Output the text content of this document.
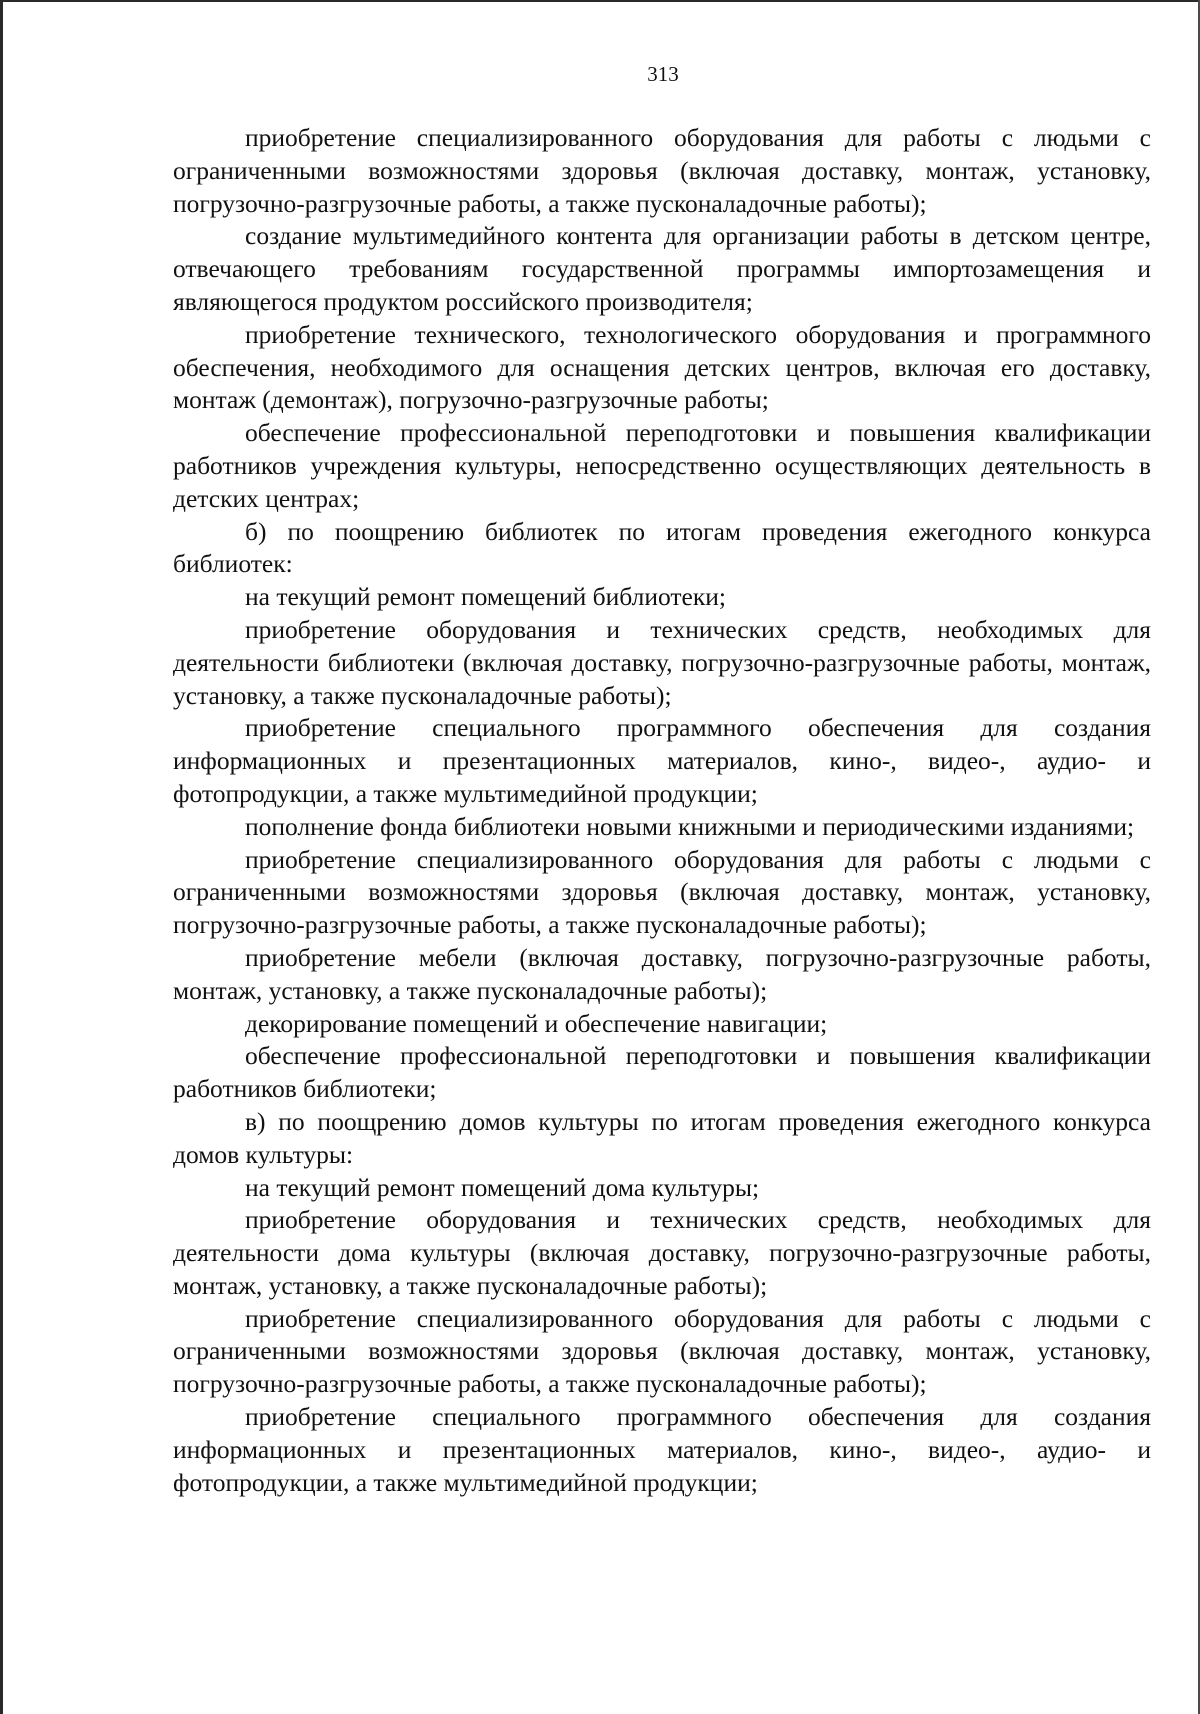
313

приобретение специализированного оборудования для работы с людьми с ограниченными возможностями здоровья (включая доставку, монтаж, установку, погрузочно-разгрузочные работы, а также пусконаладочные работы);

создание мультимедийного контента для организации работы в детском центре, отвечающего требованиям государственной программы импортозамещения и являющегося продуктом российского производителя;

приобретение технического, технологического оборудования и программного обеспечения, необходимого для оснащения детских центров, включая его доставку, монтаж (демонтаж), погрузочно-разгрузочные работы;

обеспечение профессиональной переподготовки и повышения квалификации работников учреждения культуры, непосредственно осуществляющих деятельность в детских центрах;

б) по поощрению библиотек по итогам проведения ежегодного конкурса библиотек:

на текущий ремонт помещений библиотеки;

приобретение оборудования и технических средств, необходимых для деятельности библиотеки (включая доставку, погрузочно-разгрузочные работы, монтаж, установку, а также пусконаладочные работы);

приобретение специального программного обеспечения для создания информационных и презентационных материалов, кино-, видео-, аудио- и фотопродукции, а также мультимедийной продукции;

пополнение фонда библиотеки новыми книжными и периодическими изданиями;

приобретение специализированного оборудования для работы с людьми с ограниченными возможностями здоровья (включая доставку, монтаж, установку, погрузочно-разгрузочные работы, а также пусконаладочные работы);

приобретение мебели (включая доставку, погрузочно-разгрузочные работы, монтаж, установку, а также пусконаладочные работы);

декорирование помещений и обеспечение навигации;

обеспечение профессиональной переподготовки и повышения квалификации работников библиотеки;

в) по поощрению домов культуры по итогам проведения ежегодного конкурса домов культуры:

на текущий ремонт помещений дома культуры;

приобретение оборудования и технических средств, необходимых для деятельности дома культуры (включая доставку, погрузочно-разгрузочные работы, монтаж, установку, а также пусконаладочные работы);

приобретение специализированного оборудования для работы с людьми с ограниченными возможностями здоровья (включая доставку, монтаж, установку, погрузочно-разгрузочные работы, а также пусконаладочные работы);

приобретение специального программного обеспечения для создания информационных и презентационных материалов, кино-, видео-, аудио- и фотопродукции, а также мультимедийной продукции;
